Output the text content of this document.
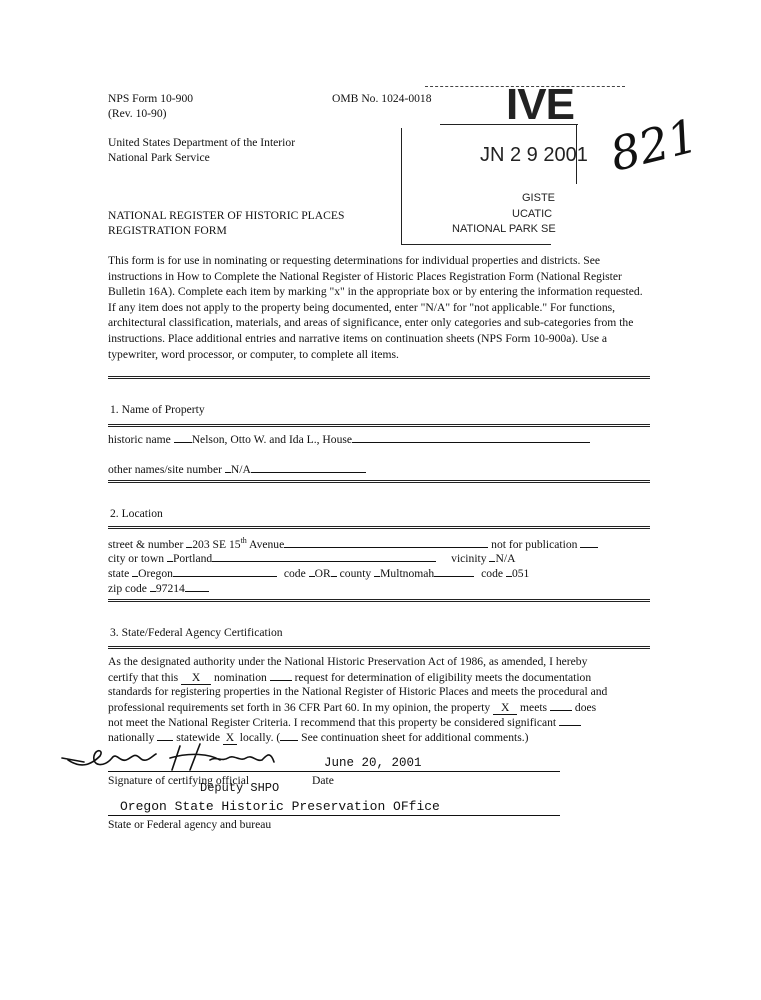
NPS Form 10-900
(Rev. 10-90)
OMB No. 1024-0018
United States Department of the Interior
National Park Service
NATIONAL REGISTER OF HISTORIC PLACES
REGISTRATION FORM
IVE
JN 2 9 2001
GISTE
UCATIC
NATIONAL PARK SE
821
This form is for use in nominating or requesting determinations for individual properties and districts. See instructions in How to Complete the National Register of Historic Places Registration Form (National Register Bulletin 16A). Complete each item by marking "x" in the appropriate box or by entering the information requested. If any item does not apply to the property being documented, enter "N/A" for "not applicable." For functions, architectural classification, materials, and areas of significance, enter only categories and sub-categories from the instructions. Place additional entries and narrative items on continuation sheets (NPS Form 10-900a). Use a typewriter, word processor, or computer, to complete all items.
1. Name of Property
historic name Nelson, Otto W. and Ida L., House
other names/site number N/A
2. Location
street & number 203 SE 15th Avenue	not for publication
city or town Portland	vicinity N/A
state Oregon	code OR county Multnomah	code 051
zip code 97214
3. State/Federal Agency Certification
As the designated authority under the National Historic Preservation Act of 1986, as amended, I hereby
certify that this X nomination request for determination of eligibility meets the documentation
standards for registering properties in the National Register of Historic Places and meets the procedural and
professional requirements set forth in 36 CFR Part 60. In my opinion, the property X meets does
not meet the National Register Criteria. I recommend that this property be considered significant
nationally statewide X locally. ( See continuation sheet for additional comments.)
June 20, 2001
Signature of certifying official
Deputy SHPO
Date
Oregon State Historic Preservation OFfice
State or Federal agency and bureau
